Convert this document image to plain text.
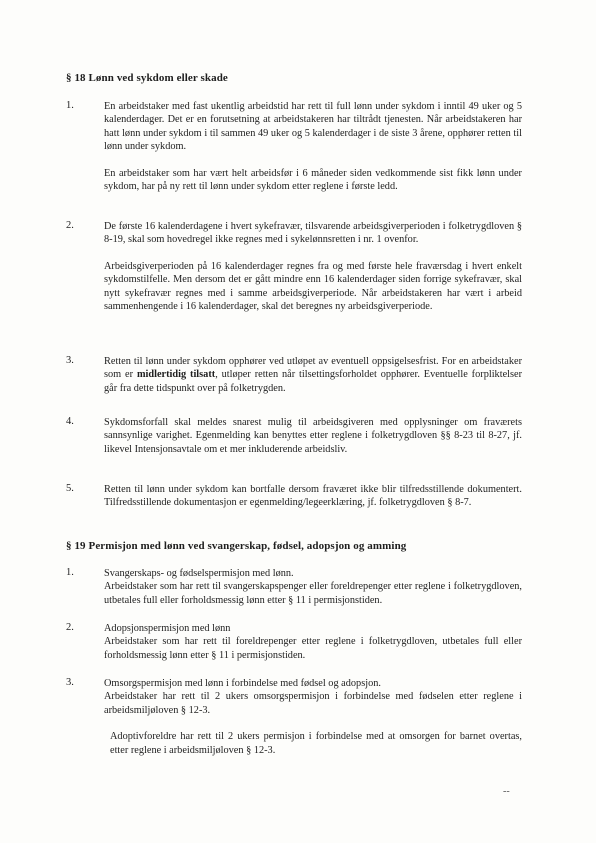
§ 18 Lønn ved sykdom eller skade
1.	En arbeidstaker med fast ukentlig arbeidstid har rett til full lønn under sykdom i inntil 49 uker og 5 kalenderdager. Det er en forutsetning at arbeidstakeren har tiltrådt tjenesten. Når arbeidstakeren har hatt lønn under sykdom i til sammen 49 uker og 5 kalenderdager i de siste 3 årene, opphører retten til lønn under sykdom.

En arbeidstaker som har vært helt arbeidsfør i 6 måneder siden vedkommende sist fikk lønn under sykdom, har på ny rett til lønn under sykdom etter reglene i første ledd.

2.	De første 16 kalenderdagene i hvert sykefravær, tilsvarende arbeidsgiverperioden i folketrygdloven § 8-19, skal som hovedregel ikke regnes med i sykelønnsretten i nr. 1 ovenfor.

Arbeidsgiverperioden på 16 kalenderdager regnes fra og med første hele fraværsdag i hvert enkelt sykdomstilfelle. Men dersom det er gått mindre enn 16 kalenderdager siden forrige sykefravær, skal nytt sykefravær regnes med i samme arbeidsgiverperiode. Når arbeidstakeren har vært i arbeid sammenhengende i 16 kalenderdager, skal det beregnes ny arbeidsgiverperiode.

3.	Retten til lønn under sykdom opphører ved utløpet av eventuell oppsigelsesfrist. For en arbeidstaker som er midlertidig tilsatt, utløper retten når tilsettingsforholdet opphører. Eventuelle forpliktelser går fra dette tidspunkt over på folketrygden.

4.	Sykdomsforfall skal meldes snarest mulig til arbeidsgiveren med opplysninger om fraværets sannsynlige varighet. Egenmelding kan benyttes etter reglene i folketrygdloven §§ 8-23 til 8-27, jf. likevel Intensjonsavtale om et mer inkluderende arbeidsliv.

5.	Retten til lønn under sykdom kan bortfalle dersom fraværet ikke blir tilfredsstillende dokumentert. Tilfredsstillende dokumentasjon er egenmelding/legeerklæring, jf. folketrygdloven § 8-7.

§ 19 Permisjon med lønn ved svangerskap, fødsel, adopsjon og amming
1.	Svangerskaps- og fødselspermisjon med lønn.

Arbeidstaker som har rett til svangerskapspenger eller foreldrepenger etter reglene i folketrygdloven, utbetales full eller forholdsmessig lønn etter § 11 i permisjonstiden.

2.	Adopsjonspermisjon med lønn

Arbeidstaker som har rett til foreldrepenger etter reglene i folketrygdloven, utbetales full eller forholdsmessig lønn etter § 11 i permisjonstiden.

3.	Omsorgspermisjon med lønn i forbindelse med fødsel og adopsjon.

Arbeidstaker har rett til 2 ukers omsorgspermisjon i forbindelse med fødselen etter reglene i arbeidsmiljøloven § 12-3.

Adoptivforeldre har rett til 2 ukers permisjon i forbindelse med at omsorgen for barnet overtas, etter reglene i arbeidsmiljøloven § 12-3.

--
